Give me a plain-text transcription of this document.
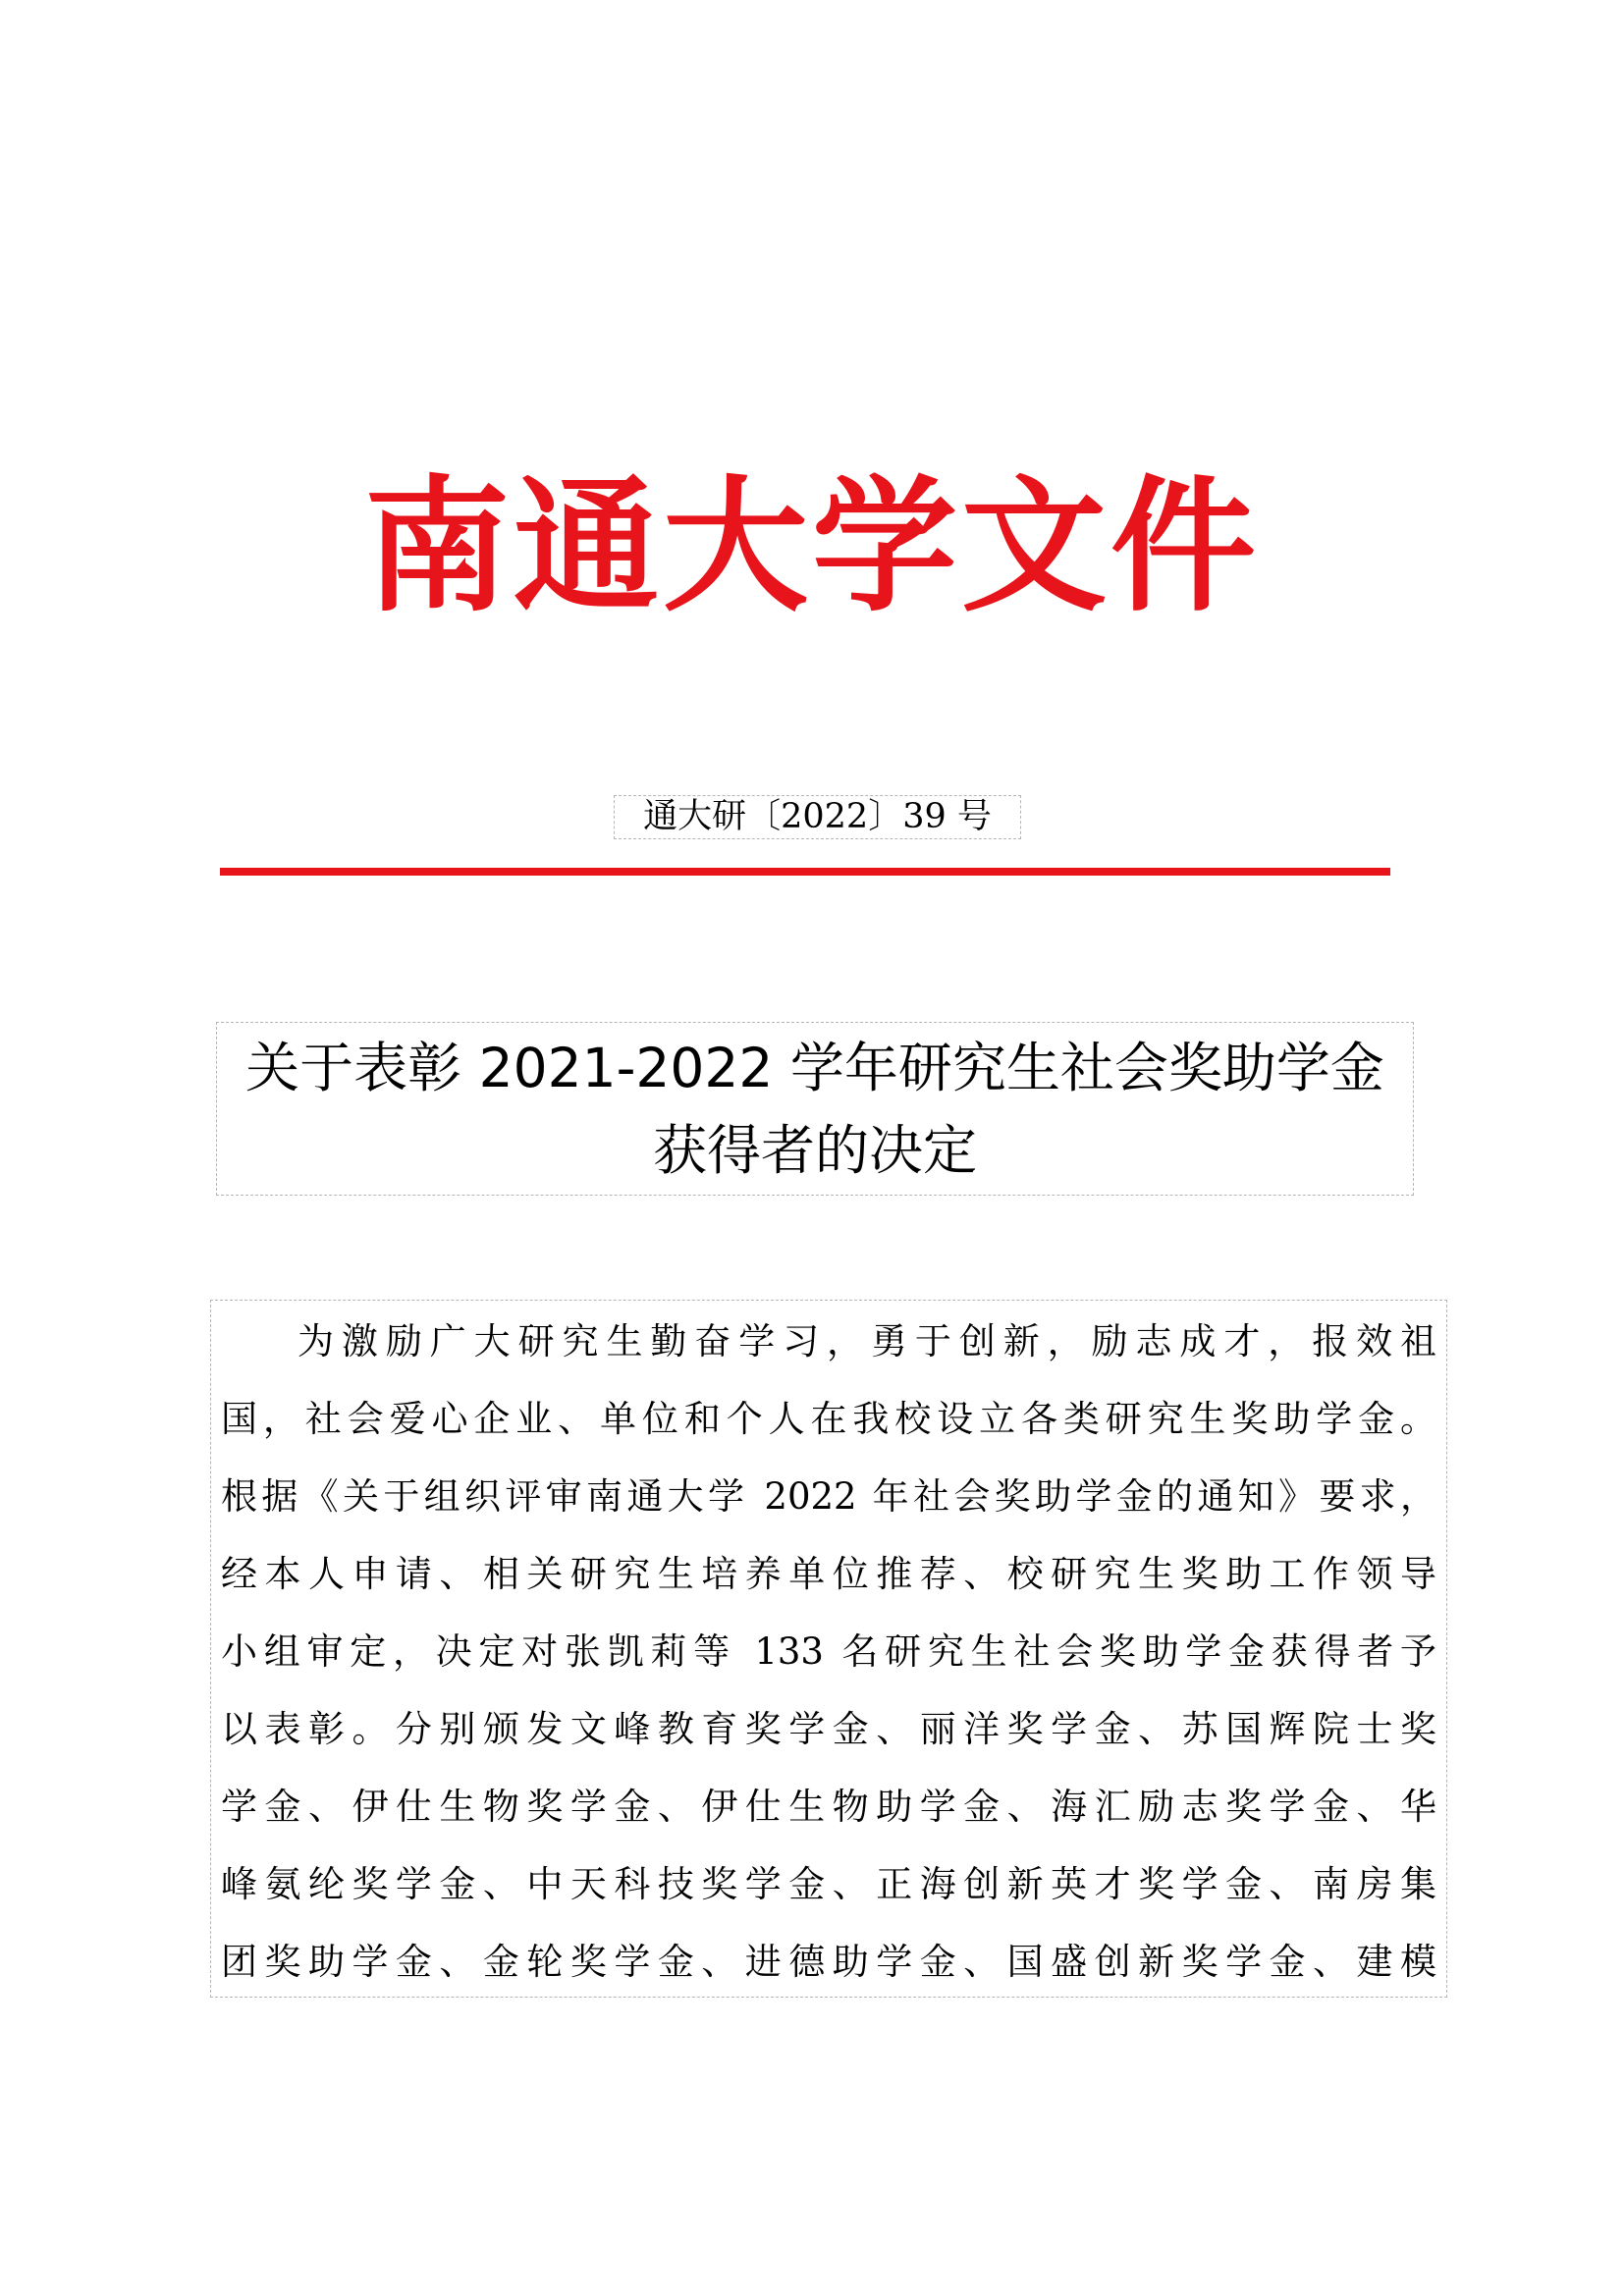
南通大学文件
通大研〔2022〕39 号
关于表彰 2021-2022 学年研究生社会奖助学金
获得者的决定
为激励广大研究生勤奋学习，勇于创新，励志成才，报效祖
国，社会爱心企业、单位和个人在我校设立各类研究生奖助学金。
根据《关于组织评审南通大学 2022 年社会奖助学金的通知》要求，
经本人申请、相关研究生培养单位推荐、校研究生奖助工作领导
小组审定，决定对张凯莉等 133 名研究生社会奖助学金获得者予
以表彰。分别颁发文峰教育奖学金、丽洋奖学金、苏国辉院士奖
学金、伊仕生物奖学金、伊仕生物助学金、海汇励志奖学金、华
峰氨纶奖学金、中天科技奖学金、正海创新英才奖学金、南房集
团奖助学金、金轮奖学金、进德助学金、国盛创新奖学金、建模
